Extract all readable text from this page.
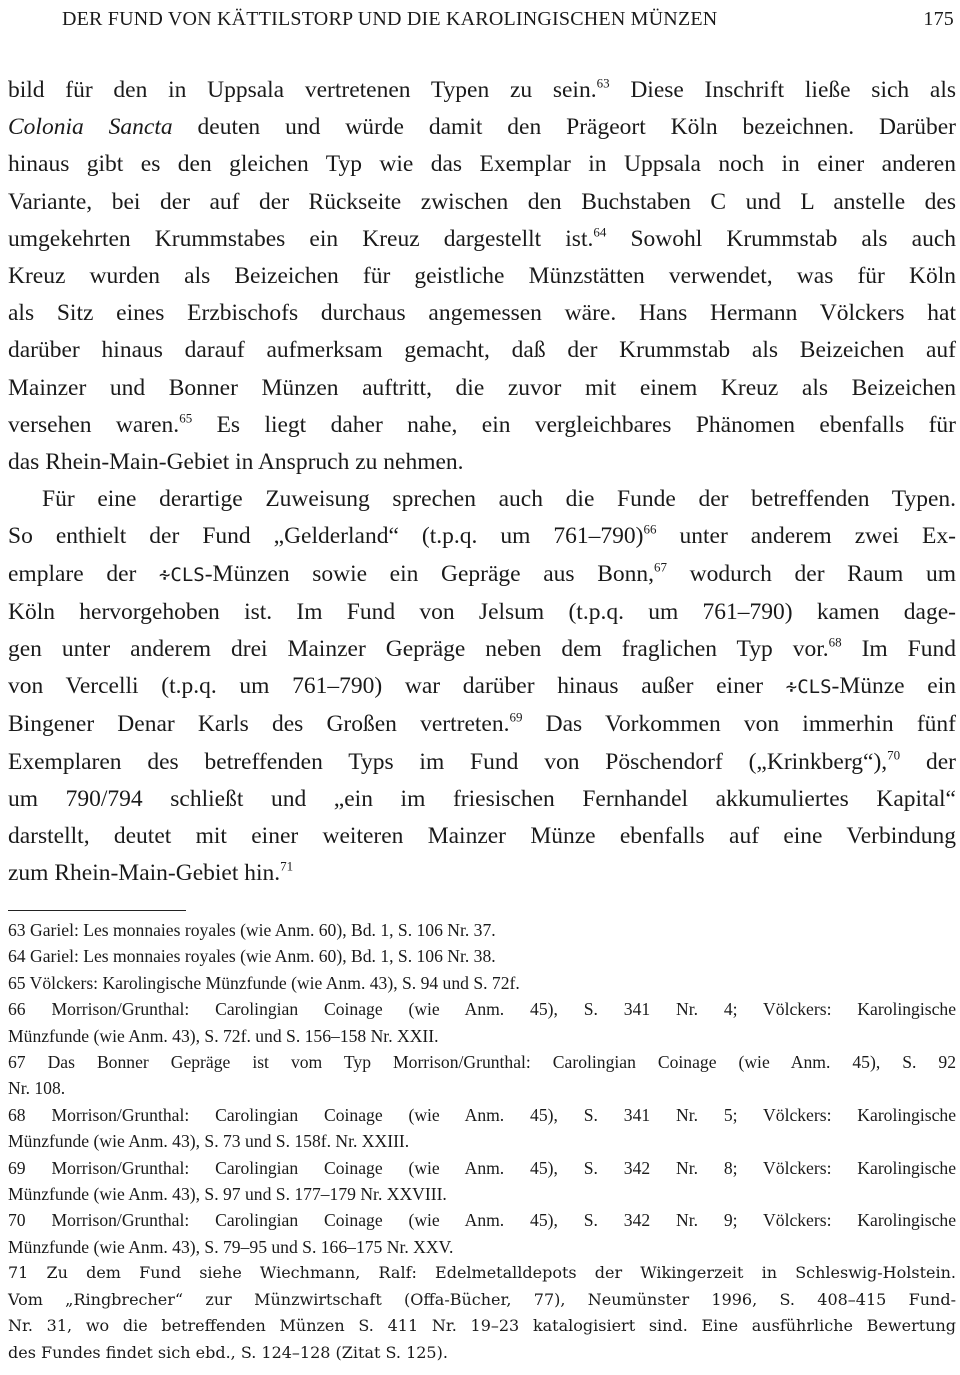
DER FUND VON KÄTTILSTORP UND DIE KAROLINGISCHEN MÜNZEN	175
bild für den in Uppsala vertretenen Typen zu sein.$^{63}$ Diese Inschrift ließe sich als
Colonia Sancta deuten und würde damit den Prägeort Köln bezeichnen. Darüber
hinaus gibt es den gleichen Typ wie das Exemplar in Uppsala noch in einer anderen
Variante, bei der auf der Rückseite zwischen den Buchstaben C und L anstelle des
umgekehrten Krummstabes ein Kreuz dargestellt ist.$^{64}$ Sowohl Krummstab als auch
Kreuz wurden als Beizeichen für geistliche Münzstätten verwendet, was für Köln
als Sitz eines Erzbischofs durchaus angemessen wäre. Hans Hermann Völckers hat
darüber hinaus darauf aufmerksam gemacht, daß der Krummstab als Beizeichen auf
Mainzer und Bonner Münzen auftritt, die zuvor mit einem Kreuz als Beizeichen
versehen waren.$^{65}$ Es liegt daher nahe, ein vergleichbares Phänomen ebenfalls für
das Rhein-Main-Gebiet in Anspruch zu nehmen.
Für eine derartige Zuweisung sprechen auch die Funde der betreffenden Typen.
So enthielt der Fund „Gelderland“ (t.p.q. um 761–790)$^{66}$ unter anderem zwei Ex-
emplare der ∻CLS-Münzen sowie ein Gepräge aus Bonn,$^{67}$ wodurch der Raum um
Köln hervorgehoben ist. Im Fund von Jelsum (t.p.q. um 761–790) kamen dage-
gen unter anderem drei Mainzer Gepräge neben dem fraglichen Typ vor.$^{68}$ Im Fund
von Vercelli (t.p.q. um 761–790) war darüber hinaus außer einer ∻CLS-Münze ein
Bingener Denar Karls des Großen vertreten.$^{69}$ Das Vorkommen von immerhin fünf
Exemplaren des betreffenden Typs im Fund von Pöschendorf („Krinkberg“),$^{70}$ der
um 790/794 schließt und „ein im friesischen Fernhandel akkumuliertes Kapital“
darstellt, deutet mit einer weiteren Mainzer Münze ebenfalls auf eine Verbindung
zum Rhein-Main-Gebiet hin.$^{71}$
63 Gariel: Les monnaies royales (wie Anm. 60), Bd. 1, S. 106 Nr. 37.
64 Gariel: Les monnaies royales (wie Anm. 60), Bd. 1, S. 106 Nr. 38.
65 Völckers: Karolingische Münzfunde (wie Anm. 43), S. 94 und S. 72f.
66 Morrison/Grunthal: Carolingian Coinage (wie Anm. 45), S. 341 Nr. 4; Völckers: Karolingische
Münzfunde (wie Anm. 43), S. 72f. und S. 156–158 Nr. XXII.
67 Das Bonner Gepräge ist vom Typ Morrison/Grunthal: Carolingian Coinage (wie Anm. 45), S. 92
Nr. 108.
68 Morrison/Grunthal: Carolingian Coinage (wie Anm. 45), S. 341 Nr. 5; Völckers: Karolingische
Münzfunde (wie Anm. 43), S. 73 und S. 158f. Nr. XXIII.
69 Morrison/Grunthal: Carolingian Coinage (wie Anm. 45), S. 342 Nr. 8; Völckers: Karolingische
Münzfunde (wie Anm. 43), S. 97 und S. 177–179 Nr. XXVIII.
70 Morrison/Grunthal: Carolingian Coinage (wie Anm. 45), S. 342 Nr. 9; Völckers: Karolingische
Münzfunde (wie Anm. 43), S. 79–95 und S. 166–175 Nr. XXV.
71 Zu dem Fund siehe Wiechmann, Ralf: Edelmetalldepots der Wikingerzeit in Schleswig-Holstein.
Vom „Ringbrecher“ zur Münzwirtschaft (Offa-Bücher, 77), Neumünster 1996, S. 408–415 Fund-
Nr. 31, wo die betreffenden Münzen S. 411 Nr. 19–23 katalogisiert sind. Eine ausführliche Bewertung
des Fundes findet sich ebd., S. 124–128 (Zitat S. 125).
